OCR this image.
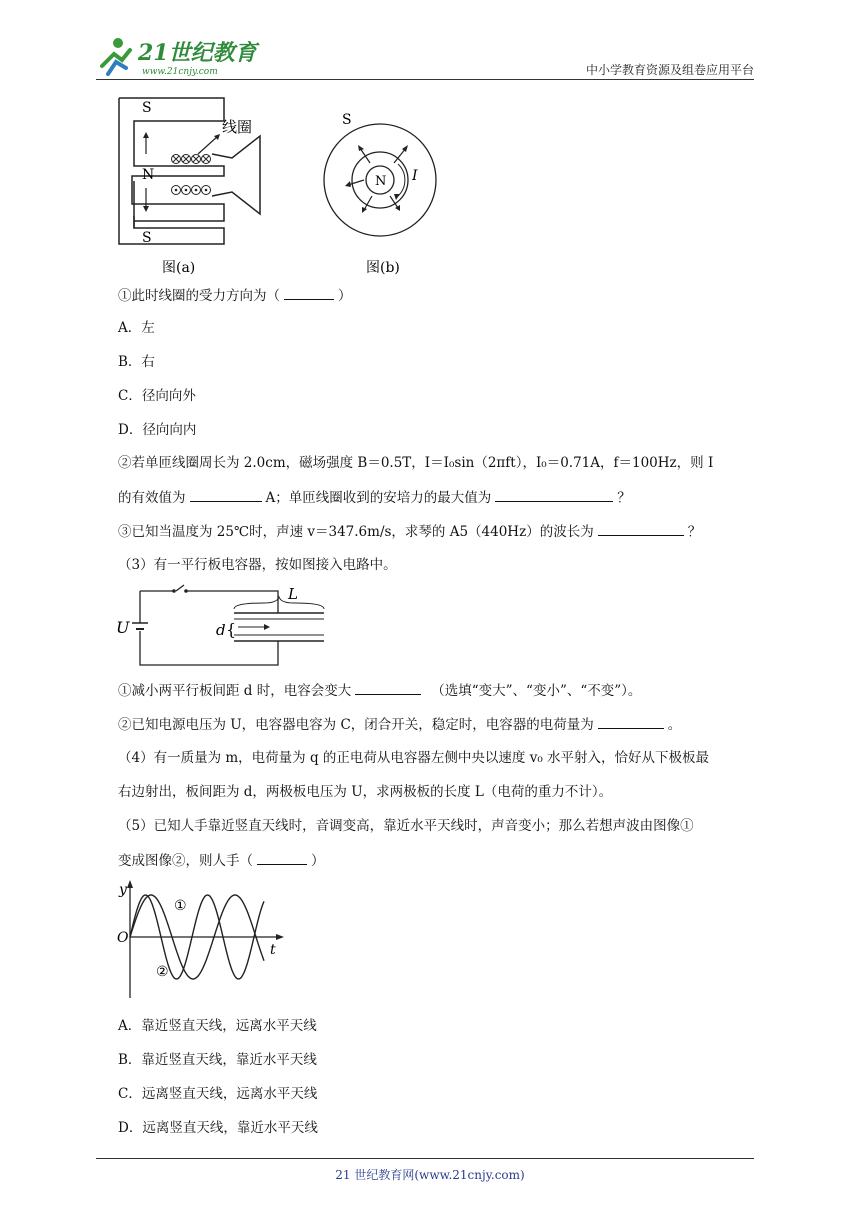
21世纪教育
www.21cnjy.com	中小学教育资源及组卷应用平台
S
N
S
线圈
图(a)
S
N I
图(b)
①此时线圈的受力方向为（	）
A．左
B．右
C．径向向外
D．径向向内
②若单匝线圈周长为 2.0cm，磁场强度 B＝0.5T，I＝I₀sin（2πft），I₀＝0.71A，f＝100Hz，则 I
的有效值为	A；单匝线圈收到的安培力的最大值为	？
③已知当温度为 25℃时，声速 v＝347.6m/s，求琴的 A5（440Hz）的波长为	？
（3）有一平行板电容器，按如图接入电路中。
U
L
d {
①减小两平行板间距 d 时，电容会变大	（选填“变大”、“变小”、“不变”）。
②已知电源电压为 U，电容器电容为 C，闭合开关，稳定时，电容器的电荷量为	。
（4）有一质量为 m，电荷量为 q 的正电荷从电容器左侧中央以速度 v₀ 水平射入，恰好从下极板最
右边射出，板间距为 d，两极板电压为 U，求两极板的长度 L（电荷的重力不计）。
（5）已知人手靠近竖直天线时，音调变高，靠近水平天线时，声音变小；那么若想声波由图像①
变成图像②，则人手（	）
y
O
t
①
②
A．靠近竖直天线，远离水平天线
B．靠近竖直天线，靠近水平天线
C．远离竖直天线，远离水平天线
D．远离竖直天线，靠近水平天线
21 世纪教育网(www.21cnjy.com)
